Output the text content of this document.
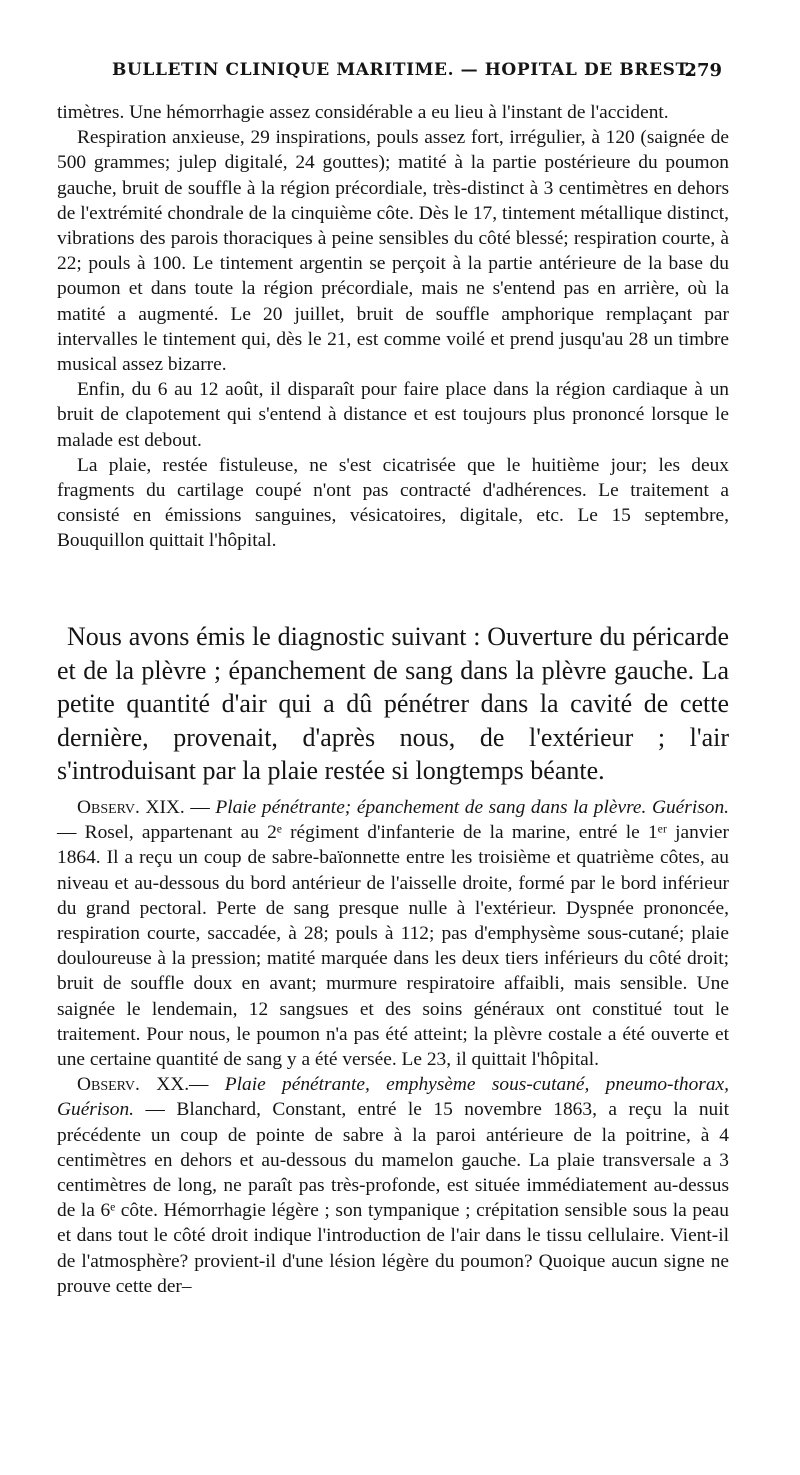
BULLETIN CLINIQUE MARITIME. — HOPITAL DE BREST.
279

timètres. Une hémorrhagie assez considérable a eu lieu à l'instant de l'accident.

Respiration anxieuse, 29 inspirations, pouls assez fort, irrégulier, à 120 (saignée de 500 grammes; julep digitalé, 24 gouttes); matité à la partie postérieure du poumon gauche, bruit de souffle à la région précordiale, très-distinct à 3 centimètres en dehors de l'extrémité chondrale de la cinquième côte. Dès le 17, tintement métallique distinct, vibrations des parois thoraciques à peine sensibles du côté blessé; respiration courte, à 22; pouls à 100. Le tintement argentin se perçoit à la partie antérieure de la base du poumon et dans toute la région précordiale, mais ne s'entend pas en arrière, où la matité a augmenté. Le 20 juillet, bruit de souffle amphorique remplaçant par intervalles le tintement qui, dès le 21, est comme voilé et prend jusqu'au 28 un timbre musical assez bizarre.

Enfin, du 6 au 12 août, il disparaît pour faire place dans la région cardiaque à un bruit de clapotement qui s'entend à distance et est toujours plus prononcé lorsque le malade est debout.

La plaie, restée fistuleuse, ne s'est cicatrisée que le huitième jour; les deux fragments du cartilage coupé n'ont pas contracté d'adhérences. Le traitement a consisté en émissions sanguines, vésicatoires, digitale, etc. Le 15 septembre, Bouquillon quittait l'hôpital.

Nous avons émis le diagnostic suivant : Ouverture du péricarde et de la plèvre ; épanchement de sang dans la plèvre gauche. La petite quantité d'air qui a dû pénétrer dans la cavité de cette dernière, provenait, d'après nous, de l'extérieur ; l'air s'introduisant par la plaie restée si longtemps béante.

Observ. XIX. — Plaie pénétrante; épanchement de sang dans la plèvre. Guérison. — Rosel, appartenant au 2ᵉ régiment d'infanterie de la marine, entré le 1ᵉʳ janvier 1864. Il a reçu un coup de sabre-baïonnette entre les troisième et quatrième côtes, au niveau et au-dessous du bord antérieur de l'aisselle droite, formé par le bord inférieur du grand pectoral. Perte de sang presque nulle à l'extérieur. Dyspnée prononcée, respiration courte, saccadée, à 28; pouls à 112; pas d'emphysème sous-cutané; plaie douloureuse à la pression; matité marquée dans les deux tiers inférieurs du côté droit; bruit de souffle doux en avant; murmure respiratoire affaibli, mais sensible. Une saignée le lendemain, 12 sangsues et des soins généraux ont constitué tout le traitement. Pour nous, le poumon n'a pas été atteint; la plèvre costale a été ouverte et une certaine quantité de sang y a été versée. Le 23, il quittait l'hôpital.

Observ. XX.— Plaie pénétrante, emphysème sous-cutané, pneumo-thorax, Guérison. — Blanchard, Constant, entré le 15 novembre 1863, a reçu la nuit précédente un coup de pointe de sabre à la paroi antérieure de la poitrine, à 4 centimètres en dehors et au-dessous du mamelon gauche. La plaie transversale a 3 centimètres de long, ne paraît pas très-profonde, est située immédiatement au-dessus de la 6ᵉ côte. Hémorrhagie légère ; son tympanique ; crépitation sensible sous la peau et dans tout le côté droit indique l'introduction de l'air dans le tissu cellulaire. Vient-il de l'atmosphère? provient-il d'une lésion légère du poumon? Quoique aucun signe ne prouve cette der–
